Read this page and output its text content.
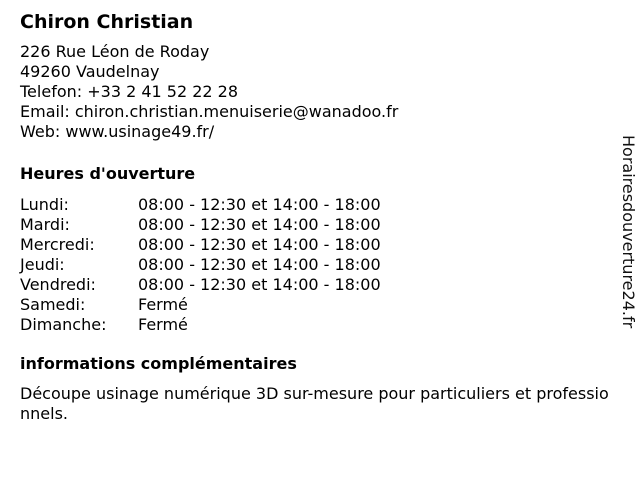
Chiron Christian
226 Rue Léon de Roday
49260 Vaudelnay
Telefon: +33 2 41 52 22 28
Email: chiron.christian.menuiserie@wanadoo.fr
Web: www.usinage49.fr/
Heures d'ouverture
Lundi:	08:00 - 12:30 et 14:00 - 18:00
Mardi:	08:00 - 12:30 et 14:00 - 18:00
Mercredi:	08:00 - 12:30 et 14:00 - 18:00
Jeudi:	08:00 - 12:30 et 14:00 - 18:00
Vendredi:	08:00 - 12:30 et 14:00 - 18:00
Samedi:	Fermé
Dimanche:	Fermé
informations complémentaires
Découpe usinage numérique 3D sur-mesure pour particuliers et professionnels.
Horairesdouverture24.fr
